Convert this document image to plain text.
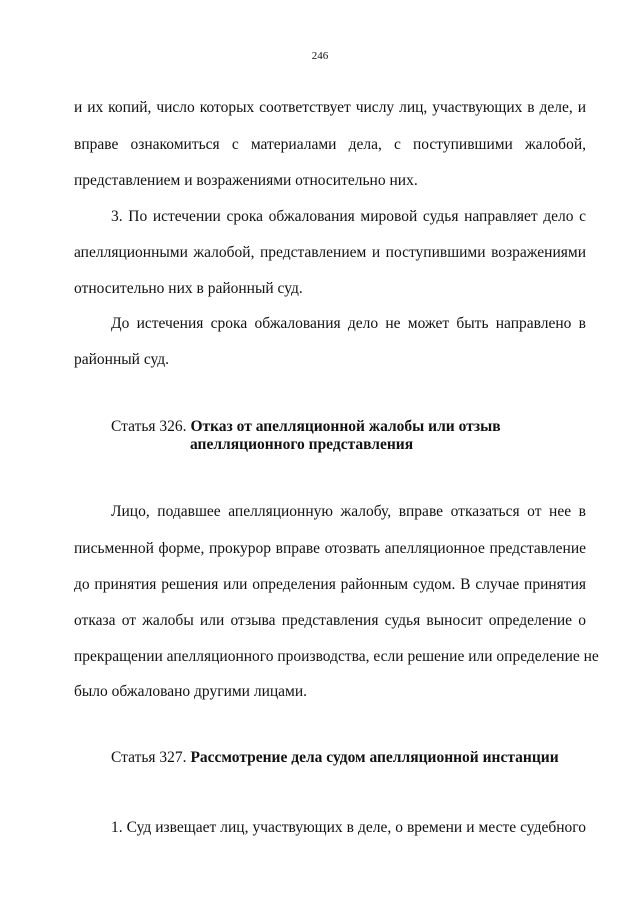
246
и их копий, число которых соответствует числу лиц, участвующих в деле, и
вправе ознакомиться с материалами дела, с поступившими жалобой,
представлением и возражениями относительно них.
3. По истечении срока обжалования мировой судья направляет дело с
апелляционными жалобой, представлением и поступившими возражениями
относительно них в районный суд.
До истечения срока обжалования дело не может быть направлено в
районный суд.
Статья 326. Отказ от апелляционной жалобы или отзыв
апелляционного представления
Лицо, подавшее апелляционную жалобу, вправе отказаться от нее в
письменной форме, прокурор вправе отозвать апелляционное представление
до принятия решения или определения районным судом. В случае принятия
отказа от жалобы или отзыва представления судья выносит определение о
прекращении апелляционного производства, если решение или определение не
было обжаловано другими лицами.
Статья 327. Рассмотрение дела судом апелляционной инстанции
1. Суд извещает лиц, участвующих в деле, о времени и месте судебного
